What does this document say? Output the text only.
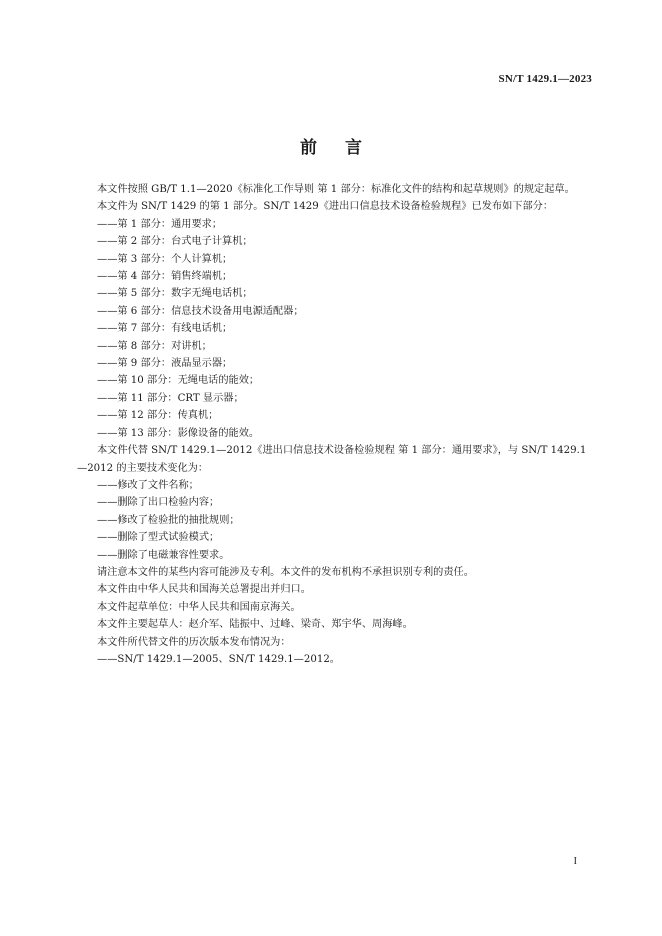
SN/T 1429.1—2023
前言

本文件按照 GB/T 1.1—2020《标准化工作导则 第 1 部分：标准化文件的结构和起草规则》的规定起草。

本文件为 SN/T 1429 的第 1 部分。SN/T 1429《进出口信息技术设备检验规程》已发布如下部分：

——第 1 部分：通用要求；

——第 2 部分：台式电子计算机；

——第 3 部分：个人计算机；

——第 4 部分：销售终端机；

——第 5 部分：数字无绳电话机；

——第 6 部分：信息技术设备用电源适配器；

——第 7 部分：有线电话机；

——第 8 部分：对讲机；

——第 9 部分：液晶显示器；

——第 10 部分：无绳电话的能效；

——第 11 部分：CRT 显示器；

——第 12 部分：传真机；

——第 13 部分：影像设备的能效。

本文件代替 SN/T 1429.1—2012《进出口信息技术设备检验规程 第 1 部分：通用要求》，与 SN/T 1429.1—2012 的主要技术变化为：

——修改了文件名称；

——删除了出口检验内容；

——修改了检验批的抽批规则；

——删除了型式试验模式；

——删除了电磁兼容性要求。

请注意本文件的某些内容可能涉及专利。本文件的发布机构不承担识别专利的责任。

本文件由中华人民共和国海关总署提出并归口。

本文件起草单位：中华人民共和国南京海关。

本文件主要起草人：赵介军、陆振中、过峰、梁奇、郑宇华、周海峰。

本文件所代替文件的历次版本发布情况为：

——SN/T 1429.1—2005、SN/T 1429.1—2012。

I
